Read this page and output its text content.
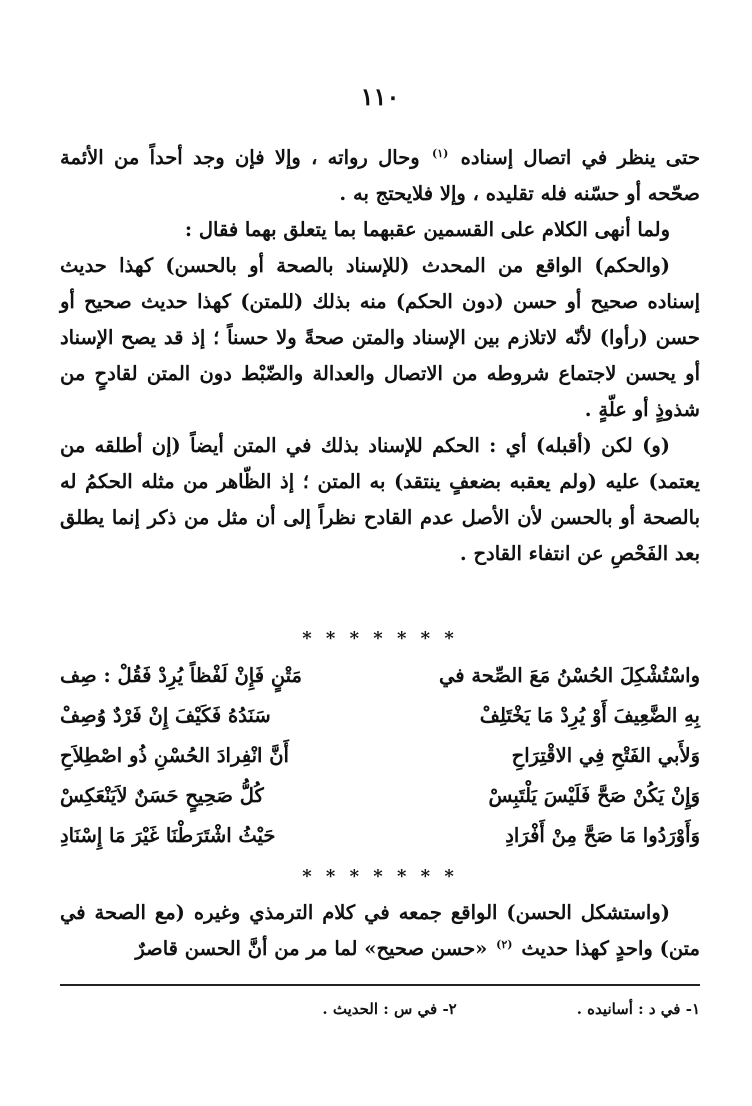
١١٠

حتى ينظر في اتصال إسناده $^{(١)}$ وحال رواته ، وإلا فإن وجد أحداً من الأئمة صحّحه أو حسّنه فله تقليده ، وإلا فلايحتج به .

ولما أنهى الكلام على القسمين عقبهما بما يتعلق بهما فقال :

(والحكم) الواقع من المحدث (للإسناد بالصحة أو بالحسن) كهذا حديث إسناده صحيح أو حسن (دون الحكم) منه بذلك (للمتن) كهذا حديث صحيح أو حسن (رأوا) لأنّه لاتلازم بين الإسناد والمتن صحةً ولا حسناً ؛ إذ قد يصح الإسناد أو يحسن لاجتماع شروطه من الاتصال والعدالة والضّبْط دون المتن لقادحٍ من شذوذٍ أو علّةٍ .

(و) لكن (أقبله) أي : الحكم للإسناد بذلك في المتن أيضاً (إن أطلقه من يعتمد) عليه (ولم يعقبه بضعفٍ ينتقد) به المتن ؛ إذ الظّاهر من مثله الحكمُ له بالصحة أو بالحسن لأن الأصل عدم القادح نظراً إلى أن مثل من ذكر إنما يطلق بعد الفَحْصِ عن انتفاء القادح .

* * * * * * *
واسْتُشْكِلَ الحُسْنُ مَعَ الصِّحة في
مَتْنٍ فَإِنْ لَفْظاً يُرِدْ فَقُلْ : صِف
بِهِ الضَّعِيفَ أَوْ يُرِدْ مَا يَخْتَلِفْ
سَنَدُهُ فَكَيْفَ إِنْ فَرْدٌ وُصِفْ
وَلأَبي الفَتْحِ فِي الاقْتِرَاحِ
أَنَّ انْفِرادَ الحُسْنِ ذُو اصْطِلاَحِ
وَإِنْ يَكُنْ صَحَّ فَلَيْسَ يَلْتَبِسْ
كُلُّ صَحِيحٍ حَسَنٌ لاَيَنْعَكِسْ
وَأَوْرَدُوا مَا صَحَّ مِنْ أَفْرَادِ
حَيْثُ اشْتَرَطْنَا غَيْرَ مَا إِسْنَادِ
* * * * * * *

(واستشكل الحسن) الواقع جمعه في كلام الترمذي وغيره (مع الصحة في متن) واحدٍ كهذا حديث $^{(٢)}$ «حسن صحيح» لما مر من أنَّ الحسن قاصرٌ

١- في د : أسانيده .
٢- في س : الحديث .
